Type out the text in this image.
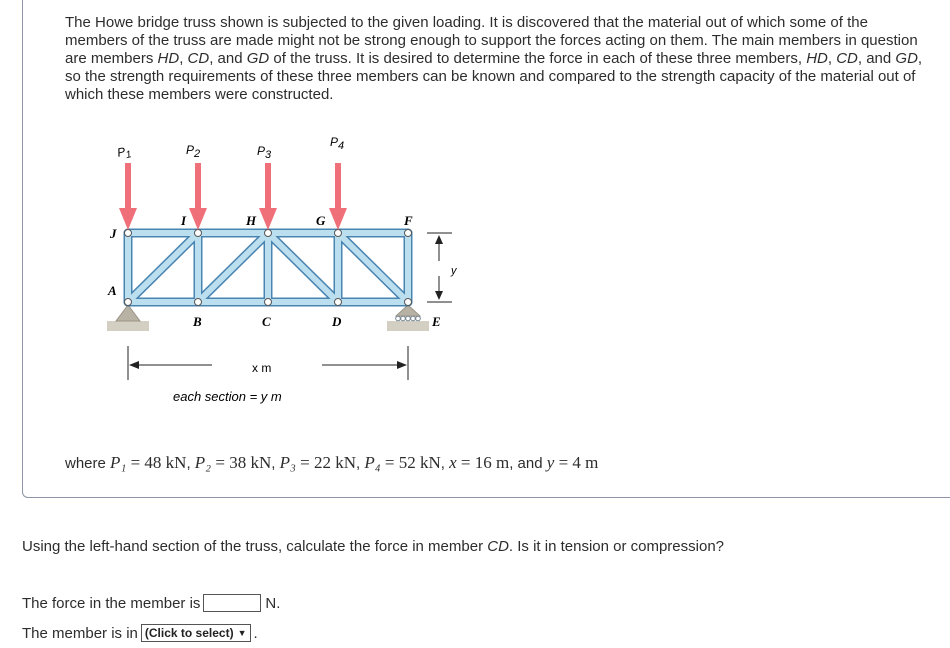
The Howe bridge truss shown is subjected to the given loading. It is discovered that the material out of which some of the members of the truss are made might not be strong enough to support the forces acting on them. The main members in question are members HD, CD, and GD of the truss. It is desired to determine the force in each of these three members, HD, CD, and GD, so the strength requirements of these three members can be known and compared to the strength capacity of the material out of which these members were constructed.
$P_1$	P2	P3
P4
J
I	H	G	F
A
B	C	D	E
y
x m
each section = y m
where P₁ = 48 kN, P₂ = 38 kN, P₃ = 22 kN, P₄ = 52 kN, x = 16 m, and y = 4 m
Using the left-hand section of the truss, calculate the force in member CD. Is it in tension or compression?
The force in the member is	N.
The member is in (Click to select) ▼ .
